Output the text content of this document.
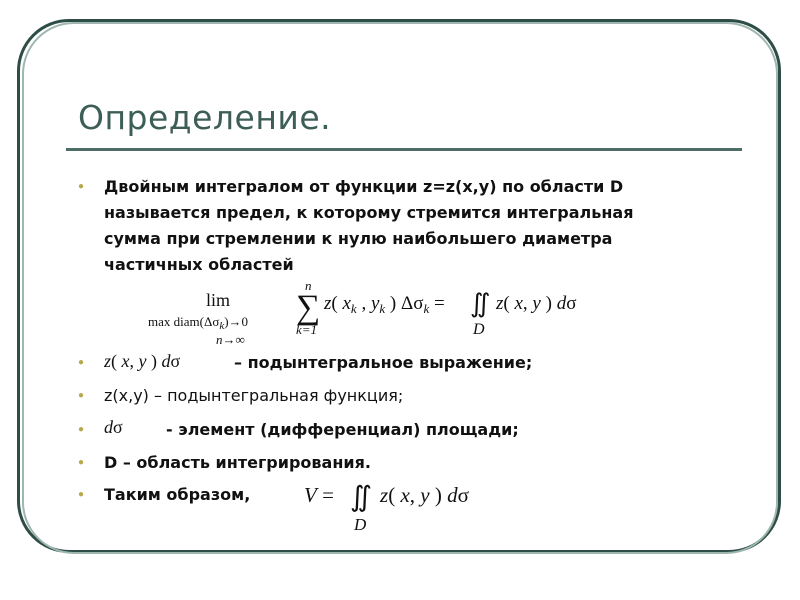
Определение.
● Двойным интегралом от функции z=z(x,y) по области D
называется предел, к которому стремится интегральная
сумма при стремлении к нулю наибольшего диаметра
частичных областей
lim
$\max diam(\Delta\sigma_k)\to 0$
n→∞
n
∑
k=1
z( $x_k$ , $y_k$ ) $\Delta\sigma_k$ = ∬
D
z( x, y ) dσ
● z( x, y ) dσ	– подынтегральное выражение;
● z(x,y) – подынтегральная функция;
● dσ	- элемент (дифференциал) площади;
● D – область интегрирования.
● Таким образом,	V = ∬
D
z( x, y ) dσ
